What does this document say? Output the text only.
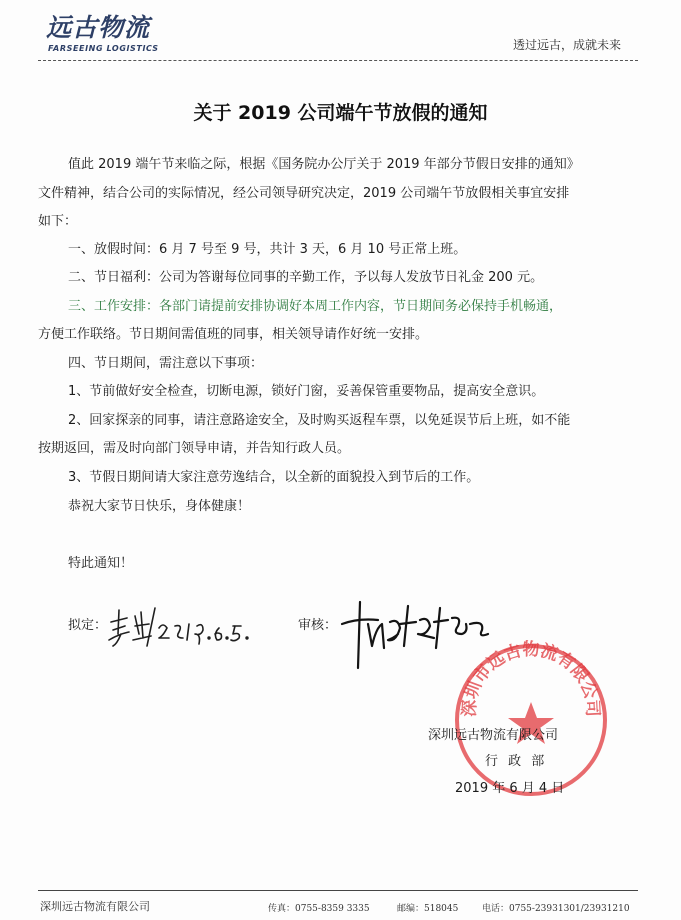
远古物流
FARSEEING LOGISTICS	透过远古，成就未来
关于 2019 公司端午节放假的通知
值此 2019 端午节来临之际，根据《国务院办公厅关于 2019 年部分节假日安排的通知》
文件精神，结合公司的实际情况，经公司领导研究决定，2019 公司端午节放假相关事宜安排
如下：
一、放假时间：6 月 7 号至 9 号，共计 3 天，6 月 10 号正常上班。
二、节日福利：公司为答谢每位同事的辛勤工作，予以每人发放节日礼金 200 元。
三、工作安排：各部门请提前安排协调好本周工作内容，节日期间务必保持手机畅通，
方便工作联络。节日期间需值班的同事，相关领导请作好统一安排。
四、节日期间，需注意以下事项：
1、节前做好安全检查，切断电源，锁好门窗，妥善保管重要物品，提高安全意识。
2、回家探亲的同事，请注意路途安全，及时购买返程车票，以免延误节后上班，如不能
按期返回，需及时向部门领导申请，并告知行政人员。
3、节假日期间请大家注意劳逸结合，以全新的面貌投入到节后的工作。
恭祝大家节日快乐，身体健康！
特此通知！
拟定：	审核：
深圳市远古物流有限公司
深圳远古物流有限公司
行 政 部
2019 年 6 月 4 日
深圳远古物流有限公司	传真：0755-8359 3335	邮编：518045	电话：0755-23931301/23931210
